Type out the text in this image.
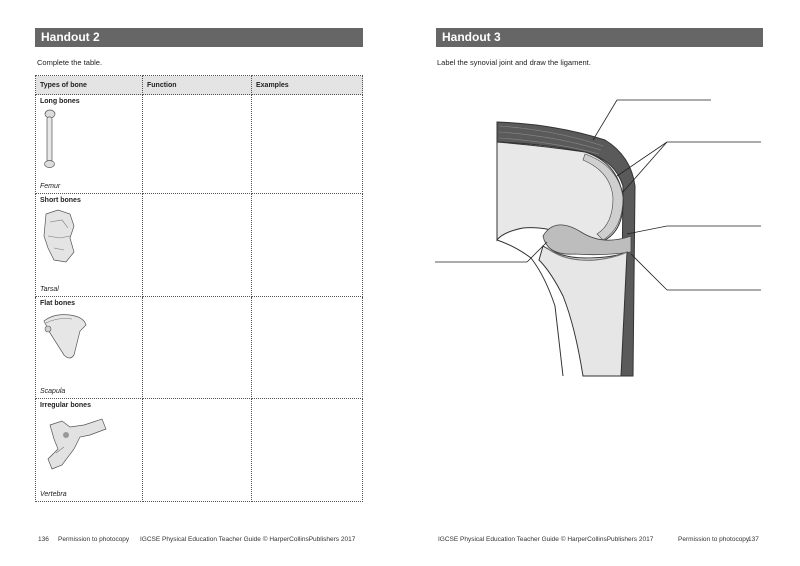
Handout 2
Complete the table.
Types of bone	Function	Examples

Long bones
Femur		

Short bones
Tarsal		

Flat bones
Scapula		

Irregular bones
Vertebra		

136 Permission to photocopy IGCSE Physical Education Teacher Guide © HarperCollinsPublishers 2017
Handout 3
Label the synovial joint and draw the ligament.
IGCSE Physical Education Teacher Guide © HarperCollinsPublishers 2017	Permission to photocopy
137
